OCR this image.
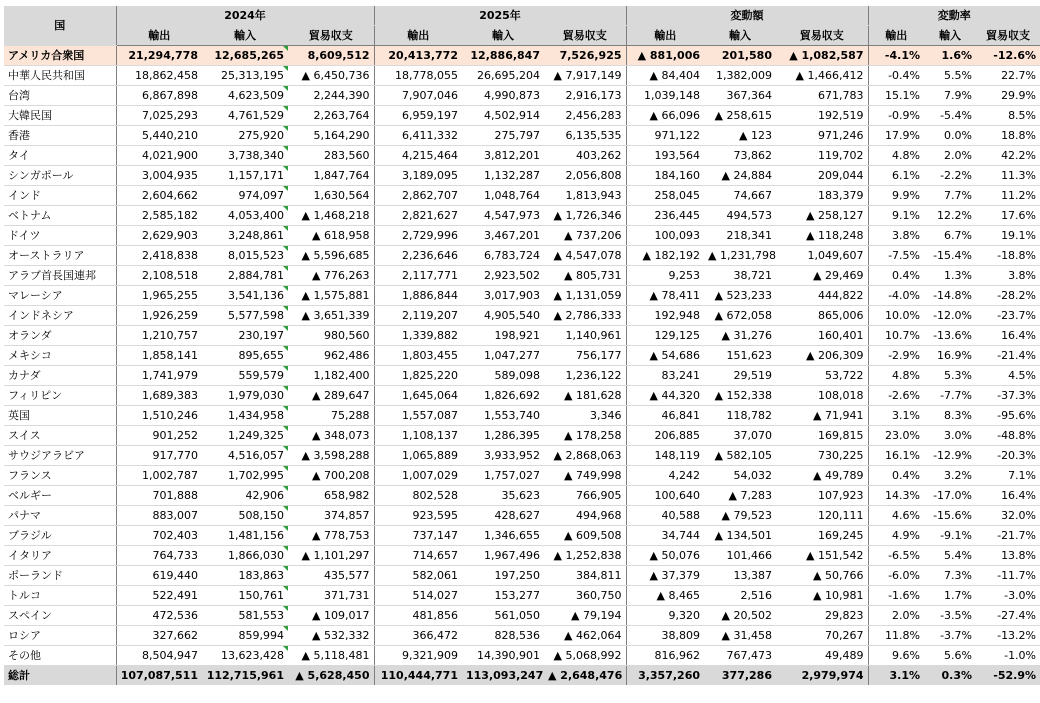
国	2024年			2025年			変動額			変動率		
	輸出	輸入	貿易収支	輸出	輸入	貿易収支	輸出	輸入	貿易収支	輸出	輸入	貿易収支
アメリカ合衆国	21,294,778	12,685,265	8,609,512	20,413,772	12,886,847	7,526,925	▲ 881,006	201,580	▲ 1,082,587	-4.1%	1.6%	-12.6%
中華人民共和国	18,862,458	25,313,195	▲ 6,450,736	18,778,055	26,695,204	▲ 7,917,149	▲ 84,404	1,382,009	▲ 1,466,412	-0.4%	5.5%	22.7%
台湾	6,867,898	4,623,509	2,244,390	7,907,046	4,990,873	2,916,173	1,039,148	367,364	671,783	15.1%	7.9%	29.9%
大韓民国	7,025,293	4,761,529	2,263,764	6,959,197	4,502,914	2,456,283	▲ 66,096	▲ 258,615	192,519	-0.9%	-5.4%	8.5%
香港	5,440,210	275,920	5,164,290	6,411,332	275,797	6,135,535	971,122	▲ 123	971,246	17.9%	0.0%	18.8%
タイ	4,021,900	3,738,340	283,560	4,215,464	3,812,201	403,262	193,564	73,862	119,702	4.8%	2.0%	42.2%
シンガポール	3,004,935	1,157,171	1,847,764	3,189,095	1,132,287	2,056,808	184,160	▲ 24,884	209,044	6.1%	-2.2%	11.3%
インド	2,604,662	974,097	1,630,564	2,862,707	1,048,764	1,813,943	258,045	74,667	183,379	9.9%	7.7%	11.2%
ベトナム	2,585,182	4,053,400	▲ 1,468,218	2,821,627	4,547,973	▲ 1,726,346	236,445	494,573	▲ 258,127	9.1%	12.2%	17.6%
ドイツ	2,629,903	3,248,861	▲ 618,958	2,729,996	3,467,201	▲ 737,206	100,093	218,341	▲ 118,248	3.8%	6.7%	19.1%
オーストラリア	2,418,838	8,015,523	▲ 5,596,685	2,236,646	6,783,724	▲ 4,547,078	▲ 182,192	▲ 1,231,798	1,049,607	-7.5%	-15.4%	-18.8%
アラブ首長国連邦	2,108,518	2,884,781	▲ 776,263	2,117,771	2,923,502	▲ 805,731	9,253	38,721	▲ 29,469	0.4%	1.3%	3.8%
マレーシア	1,965,255	3,541,136	▲ 1,575,881	1,886,844	3,017,903	▲ 1,131,059	▲ 78,411	▲ 523,233	444,822	-4.0%	-14.8%	-28.2%
インドネシア	1,926,259	5,577,598	▲ 3,651,339	2,119,207	4,905,540	▲ 2,786,333	192,948	▲ 672,058	865,006	10.0%	-12.0%	-23.7%
オランダ	1,210,757	230,197	980,560	1,339,882	198,921	1,140,961	129,125	▲ 31,276	160,401	10.7%	-13.6%	16.4%
メキシコ	1,858,141	895,655	962,486	1,803,455	1,047,277	756,177	▲ 54,686	151,623	▲ 206,309	-2.9%	16.9%	-21.4%
カナダ	1,741,979	559,579	1,182,400	1,825,220	589,098	1,236,122	83,241	29,519	53,722	4.8%	5.3%	4.5%
フィリピン	1,689,383	1,979,030	▲ 289,647	1,645,064	1,826,692	▲ 181,628	▲ 44,320	▲ 152,338	108,018	-2.6%	-7.7%	-37.3%
英国	1,510,246	1,434,958	75,288	1,557,087	1,553,740	3,346	46,841	118,782	▲ 71,941	3.1%	8.3%	-95.6%
スイス	901,252	1,249,325	▲ 348,073	1,108,137	1,286,395	▲ 178,258	206,885	37,070	169,815	23.0%	3.0%	-48.8%
サウジアラビア	917,770	4,516,057	▲ 3,598,288	1,065,889	3,933,952	▲ 2,868,063	148,119	▲ 582,105	730,225	16.1%	-12.9%	-20.3%
フランス	1,002,787	1,702,995	▲ 700,208	1,007,029	1,757,027	▲ 749,998	4,242	54,032	▲ 49,789	0.4%	3.2%	7.1%
ベルギー	701,888	42,906	658,982	802,528	35,623	766,905	100,640	▲ 7,283	107,923	14.3%	-17.0%	16.4%
パナマ	883,007	508,150	374,857	923,595	428,627	494,968	40,588	▲ 79,523	120,111	4.6%	-15.6%	32.0%
ブラジル	702,403	1,481,156	▲ 778,753	737,147	1,346,655	▲ 609,508	34,744	▲ 134,501	169,245	4.9%	-9.1%	-21.7%
イタリア	764,733	1,866,030	▲ 1,101,297	714,657	1,967,496	▲ 1,252,838	▲ 50,076	101,466	▲ 151,542	-6.5%	5.4%	13.8%
ポーランド	619,440	183,863	435,577	582,061	197,250	384,811	▲ 37,379	13,387	▲ 50,766	-6.0%	7.3%	-11.7%
トルコ	522,491	150,761	371,731	514,027	153,277	360,750	▲ 8,465	2,516	▲ 10,981	-1.6%	1.7%	-3.0%
スペイン	472,536	581,553	▲ 109,017	481,856	561,050	▲ 79,194	9,320	▲ 20,502	29,823	2.0%	-3.5%	-27.4%
ロシア	327,662	859,994	▲ 532,332	366,472	828,536	▲ 462,064	38,809	▲ 31,458	70,267	11.8%	-3.7%	-13.2%
その他	8,504,947	13,623,428	▲ 5,118,481	9,321,909	14,390,901	▲ 5,068,992	816,962	767,473	49,489	9.6%	5.6%	-1.0%
総計	107,087,511	112,715,961	▲ 5,628,450	110,444,771	113,093,247	▲ 2,648,476	3,357,260	377,286	2,979,974	3.1%	0.3%	-52.9%
